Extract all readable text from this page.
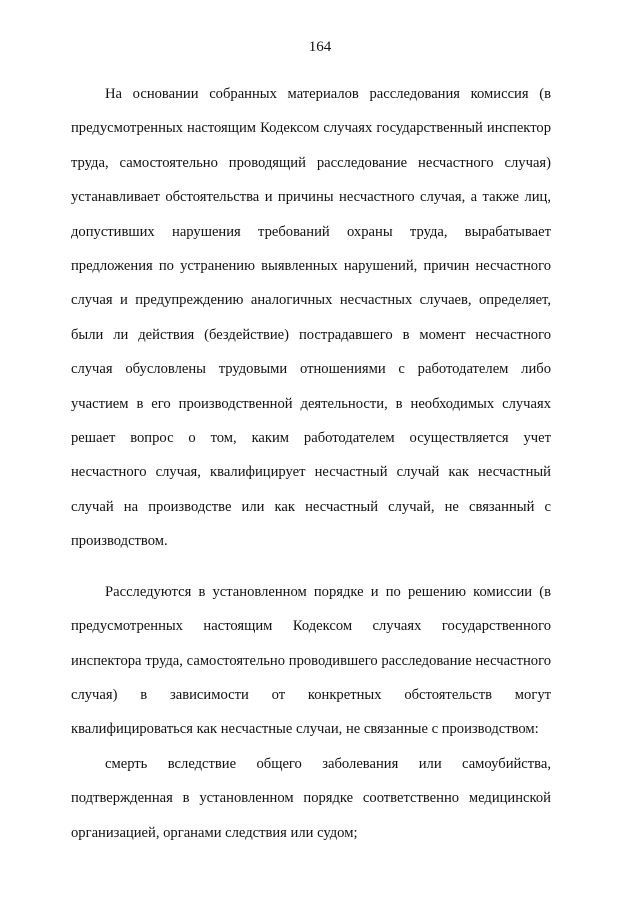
164

На основании собранных материалов расследования комиссия (в предусмотренных настоящим Кодексом случаях государственный инспектор труда, самостоятельно проводящий расследование несчастного случая) устанавливает обстоятельства и причины несчастного случая, а также лиц, допустивших нарушения требований охраны труда, вырабатывает предложения по устранению выявленных нарушений, причин несчастного случая и предупреждению аналогичных несчастных случаев, определяет, были ли действия (бездействие) пострадавшего в момент несчастного случая обусловлены трудовыми отношениями с работодателем либо участием в его производственной деятельности, в необходимых случаях решает вопрос о том, каким работодателем осуществляется учет несчастного случая, квалифицирует несчастный случай как несчастный случай на производстве или как несчастный случай, не связанный с производством.

Расследуются в установленном порядке и по решению комиссии (в предусмотренных настоящим Кодексом случаях государственного инспектора труда, самостоятельно проводившего расследование несчастного случая) в зависимости от конкретных обстоятельств могут квалифицироваться как несчастные случаи, не связанные с производством:

смерть вследствие общего заболевания или самоубийства, подтвержденная в установленном порядке соответственно медицинской организацией, органами следствия или судом;
